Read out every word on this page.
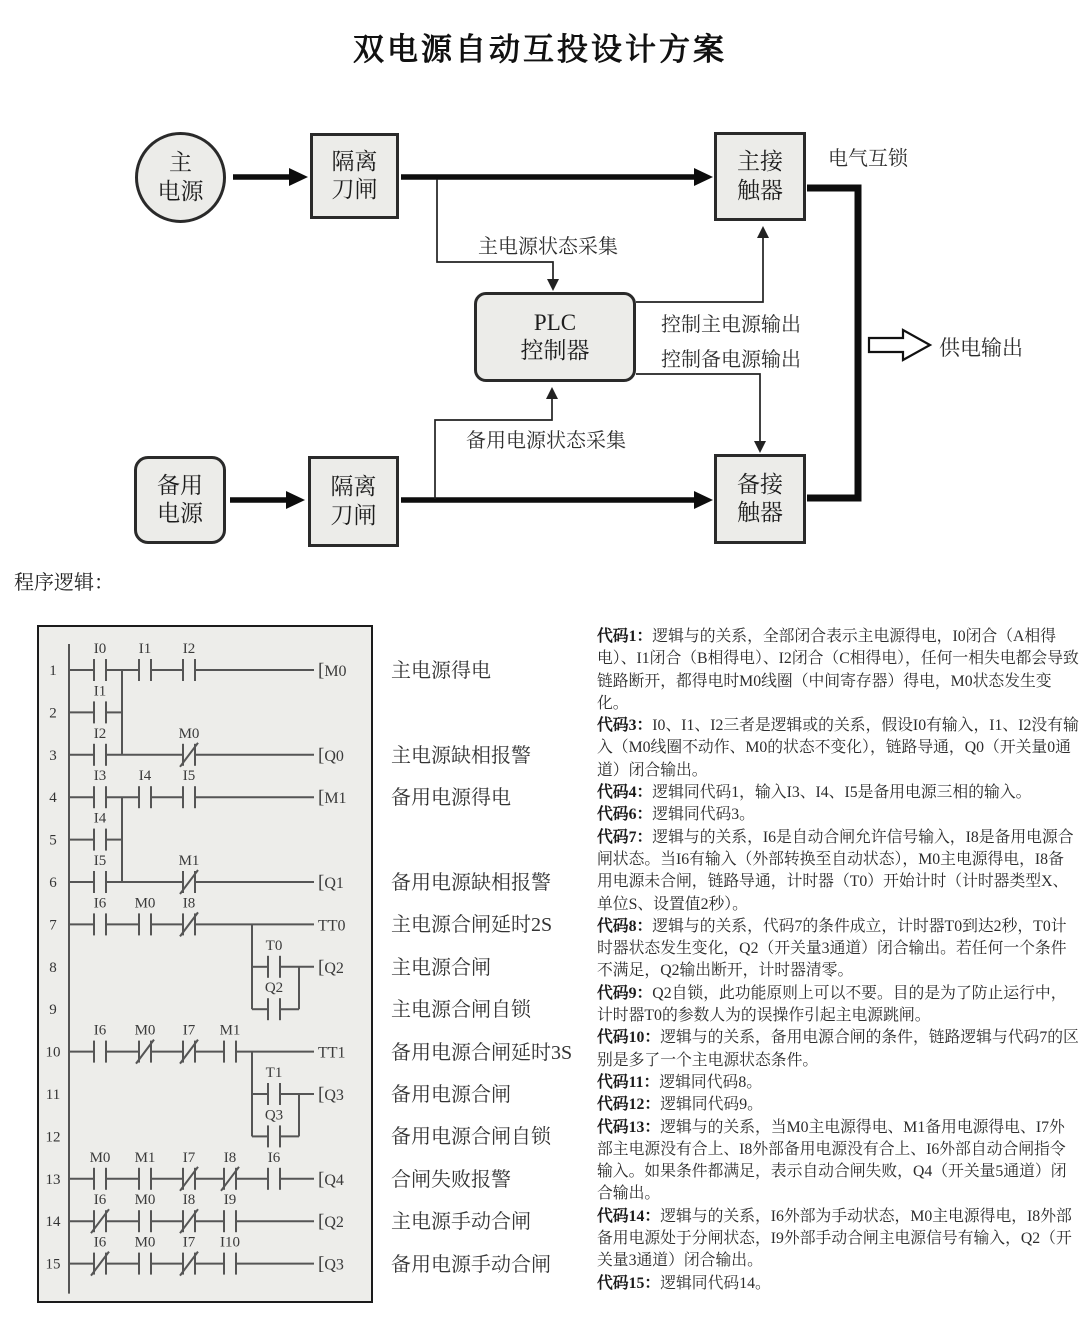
双电源自动互投设计方案
主
电源
隔离
刀闸
主接
触器
PLC
控制器
备用
电源
隔离
刀闸
备接
触器
电气互锁
主电源状态采集
控制主电源输出
控制备电源输出
备用电源状态采集
供电输出
程序逻辑：
1
I0 I1 I2
[M0
2
I1
3
I2	M0
[Q0
4
I3 I4 I5
[M1
5
I4
6
I5	M1
[Q1
7
I6 M0 I8
TT0
8
T0
[Q2
9
Q2
10
I6 M0 I7 M1
TT1
11
T1
[Q3
12
Q3
13
M0 M1 I7 I8 I6
[Q4
14
I6 M0 I8 I9
[Q2
15
I6 M0 I7 I10
[Q3
主电源得电
主电源缺相报警
备用电源得电
备用电源缺相报警
主电源合闸延时2S
主电源合闸
主电源合闸自锁
备用电源合闸延时3S
备用电源合闸
备用电源合闸自锁
合闸失败报警
主电源手动合闸
备用电源手动合闸

代码1：逻辑与的关系，全部闭合表示主电源得电，I0闭合（A相得电）、I1闭合（B相得电）、I2闭合（C相得电），任何一相失电都会导致链路断开，都得电时M0线圈（中间寄存器）得电，M0状态发生变化。

代码3：I0、I1、I2三者是逻辑或的关系，假设I0有输入，I1、I2没有输入（M0线圈不动作、M0的状态不变化），链路导通，Q0（开关量0通道）闭合输出。

代码4：逻辑同代码1，输入I3、I4、I5是备用电源三相的输入。

代码6：逻辑同代码3。

代码7：逻辑与的关系，I6是自动合闸允许信号输入，I8是备用电源合闸状态。当I6有输入（外部转换至自动状态），M0主电源得电，I8备用电源未合闸，链路导通，计时器（T0）开始计时（计时器类型X、单位S、设置值2秒）。

代码8：逻辑与的关系，代码7的条件成立，计时器T0到达2秒，T0计时器状态发生变化，Q2（开关量3通道）闭合输出。若任何一个条件不满足，Q2输出断开，计时器清零。

代码9：Q2自锁，此功能原则上可以不要。目的是为了防止运行中，计时器T0的参数人为的误操作引起主电源跳闸。

代码10：逻辑与的关系，备用电源合闸的条件，链路逻辑与代码7的区别是多了一个主电源状态条件。

代码11：逻辑同代码8。

代码12：逻辑同代码9。

代码13：逻辑与的关系，当M0主电源得电、M1备用电源得电、I7外部主电源没有合上、I8外部备用电源没有合上、I6外部自动合闸指令输入。如果条件都满足，表示自动合闸失败，Q4（开关量5通道）闭合输出。

代码14：逻辑与的关系，I6外部为手动状态，M0主电源得电，I8外部备用电源处于分闸状态，I9外部手动合闸主电源信号有输入，Q2（开关量3通道）闭合输出。

代码15：逻辑同代码14。
